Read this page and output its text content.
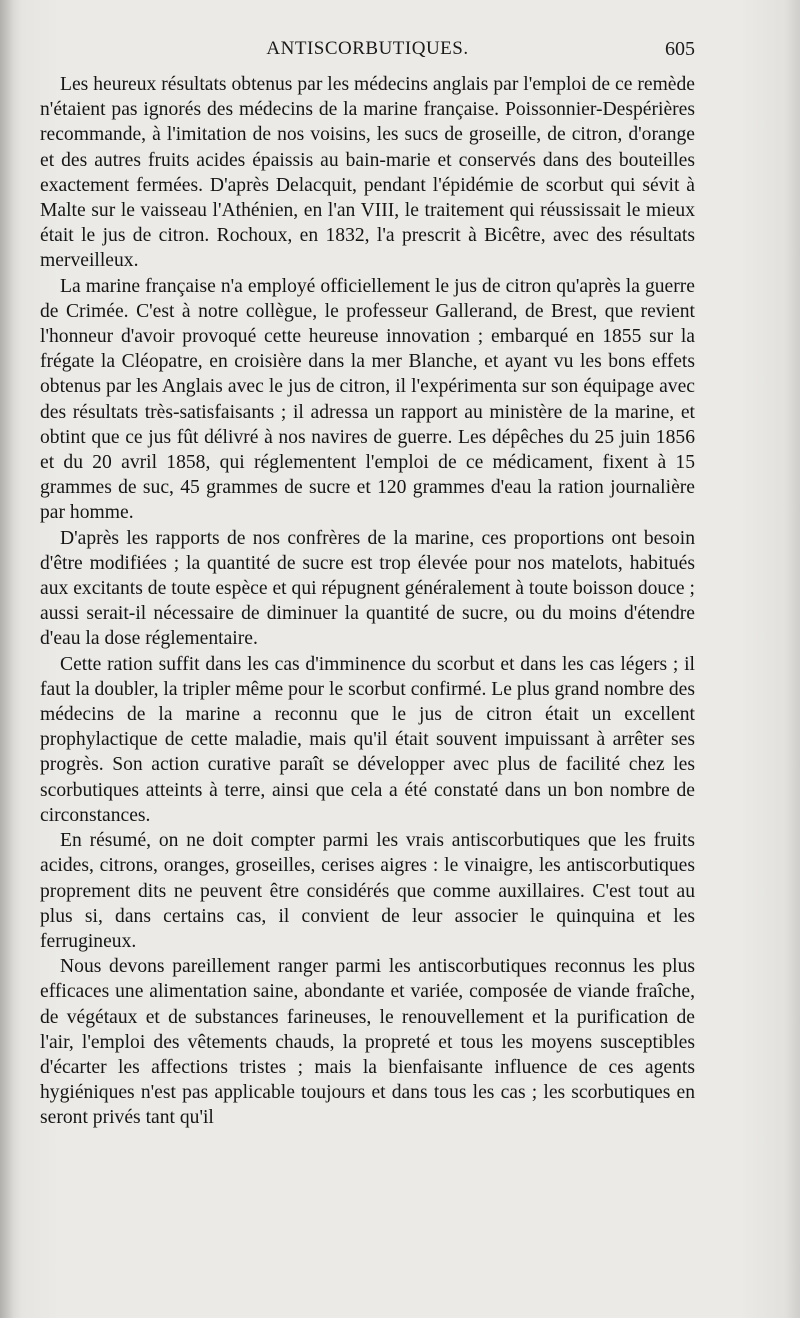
ANTISCORBUTIQUES.	605

Les heureux résultats obtenus par les médecins anglais par l'emploi de ce remède n'étaient pas ignorés des médecins de la marine française. Poissonnier-Despérières recommande, à l'imitation de nos voisins, les sucs de groseille, de citron, d'orange et des autres fruits acides épaissis au bain-marie et conservés dans des bouteilles exactement fermées. D'après Delacquit, pendant l'épidémie de scorbut qui sévit à Malte sur le vaisseau l'Athénien, en l'an VIII, le traitement qui réussissait le mieux était le jus de citron. Rochoux, en 1832, l'a prescrit à Bicêtre, avec des résultats merveilleux.

La marine française n'a employé officiellement le jus de citron qu'après la guerre de Crimée. C'est à notre collègue, le professeur Gallerand, de Brest, que revient l'honneur d'avoir provoqué cette heureuse innovation ; embarqué en 1855 sur la frégate la Cléopatre, en croisière dans la mer Blanche, et ayant vu les bons effets obtenus par les Anglais avec le jus de citron, il l'expérimenta sur son équipage avec des résultats très-satisfaisants ; il adressa un rapport au ministère de la marine, et obtint que ce jus fût délivré à nos navires de guerre. Les dépêches du 25 juin 1856 et du 20 avril 1858, qui réglementent l'emploi de ce médicament, fixent à 15 grammes de suc, 45 grammes de sucre et 120 grammes d'eau la ration journalière par homme.

D'après les rapports de nos confrères de la marine, ces proportions ont besoin d'être modifiées ; la quantité de sucre est trop élevée pour nos matelots, habitués aux excitants de toute espèce et qui répugnent généralement à toute boisson douce ; aussi serait-il nécessaire de diminuer la quantité de sucre, ou du moins d'étendre d'eau la dose réglementaire.

Cette ration suffit dans les cas d'imminence du scorbut et dans les cas légers ; il faut la doubler, la tripler même pour le scorbut confirmé. Le plus grand nombre des médecins de la marine a reconnu que le jus de citron était un excellent prophylactique de cette maladie, mais qu'il était souvent impuissant à arrêter ses progrès. Son action curative paraît se développer avec plus de facilité chez les scorbutiques atteints à terre, ainsi que cela a été constaté dans un bon nombre de circonstances.

En résumé, on ne doit compter parmi les vrais antiscorbutiques que les fruits acides, citrons, oranges, groseilles, cerises aigres : le vinaigre, les antiscorbutiques proprement dits ne peuvent être considérés que comme auxillaires. C'est tout au plus si, dans certains cas, il convient de leur associer le quinquina et les ferrugineux.

Nous devons pareillement ranger parmi les antiscorbutiques reconnus les plus efficaces une alimentation saine, abondante et variée, composée de viande fraîche, de végétaux et de substances farineuses, le renouvellement et la purification de l'air, l'emploi des vêtements chauds, la propreté et tous les moyens susceptibles d'écarter les affections tristes ; mais la bienfaisante influence de ces agents hygiéniques n'est pas applicable toujours et dans tous les cas ; les scorbutiques en seront privés tant qu'il
